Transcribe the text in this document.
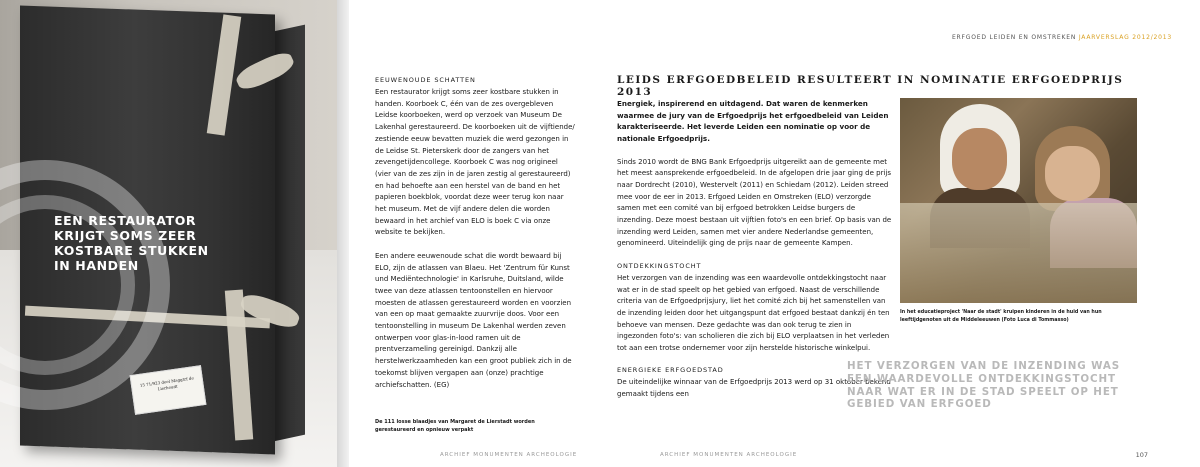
15 71/923 deel Maggtrf de Lierheudt
EEN RESTAURATOR KRIJGT SOMS ZEER KOSTBARE STUKKEN IN HANDEN
ERFGOED LEIDEN EN OMSTREKEN JAARVERSLAG 2012/2013
EEUWENOUDE SCHATTEN

Een restaurator krijgt soms zeer kostbare stukken in handen. Koorboek C, één van de zes overgebleven Leidse koorboeken, werd op verzoek van Museum De Lakenhal gerestaureerd. De koorboeken uit de vijftiende/ zestiende eeuw bevatten muziek die werd gezongen in de Leidse St. Pieterskerk door de zangers van het zevengetijdencollege. Koorboek C was nog origineel (vier van de zes zijn in de jaren zestig al gerestaureerd) en had behoefte aan een herstel van de band en het papieren boekblok, voordat deze weer terug kon naar het museum. Met de vijf andere delen die worden bewaard in het archief van ELO is boek C via onze website te bekijken.

Een andere eeuwenoude schat die wordt bewaard bij ELO, zijn de atlassen van Blaeu. Het 'Zentrum für Kunst und Mediëntechnologie' in Karlsruhe, Duitsland, wilde twee van deze atlassen tentoonstellen en hiervoor moesten de atlassen gerestaureerd worden en voorzien van een op maat gemaakte zuurvrije doos. Voor een tentoonstelling in museum De Lakenhal werden zeven ontwerpen voor glas-in-lood ramen uit de prentverzameling gereinigd. Dankzij alle herstelwerkzaamheden kan een groot publiek zich in de toekomst blijven vergapen aan (onze) prachtige archiefschatten. (EG)

De 111 losse blaadjes van Margaret de Lierstadt worden gerestaureerd en opnieuw verpakt
LEIDS ERFGOEDBELEID RESULTEERT IN NOMINATIE ERFGOEDPRIJS 2013

Energiek, inspirerend en uitdagend. Dat waren de kenmerken waarmee de jury van de Erfgoedprijs het erfgoedbeleid van Leiden karakteriseerde. Het leverde Leiden een nominatie op voor de nationale Erfgoedprijs.

Sinds 2010 wordt de BNG Bank Erfgoedprijs uitgereikt aan de gemeente met het meest aansprekende erfgoedbeleid. In de afgelopen drie jaar ging de prijs naar Dordrecht (2010), Westervelt (2011) en Schiedam (2012). Leiden streed mee voor de eer in 2013. Erfgoed Leiden en Omstreken (ELO) verzorgde samen met een comité van bij erfgoed betrokken Leidse burgers de inzending. Deze moest bestaan uit vijftien foto's en een brief. Op basis van de inzending werd Leiden, samen met vier andere Nederlandse gemeenten, genomineerd. Uiteindelijk ging de prijs naar de gemeente Kampen.

ONTDEKKINGSTOCHT

Het verzorgen van de inzending was een waardevolle ontdekkingstocht naar wat er in de stad speelt op het gebied van erfgoed. Naast de verschillende criteria van de Erfgoedprijsjury, liet het comité zich bij het samenstellen van de inzending leiden door het uitgangspunt dat erfgoed bestaat dankzij én ten behoeve van mensen. Deze gedachte was dan ook terug te zien in ingezonden foto's: van scholieren die zich bij ELO verplaatsen in het verleden tot aan een trotse ondernemer voor zijn herstelde historische winkelpui.

ENERGIEKE ERFGOEDSTAD

De uiteindelijke winnaar van de Erfgoedprijs 2013 werd op 31 oktober bekend gemaakt tijdens een

In het educatieproject 'Naar de stadt' kruipen kinderen in de huid van hun leeftijdgenoten uit de Middeleeuwen (Foto Luca di Tommasso)
HET VERZORGEN VAN DE INZENDING WAS EEN WAARDEVOLLE ONTDEKKINGSTOCHT NAAR WAT ER IN DE STAD SPEELT OP HET GEBIED VAN ERFGOED
ARCHIEF MONUMENTEN ARCHEOLOGIE	ARCHIEF MONUMENTEN ARCHEOLOGIE	107
